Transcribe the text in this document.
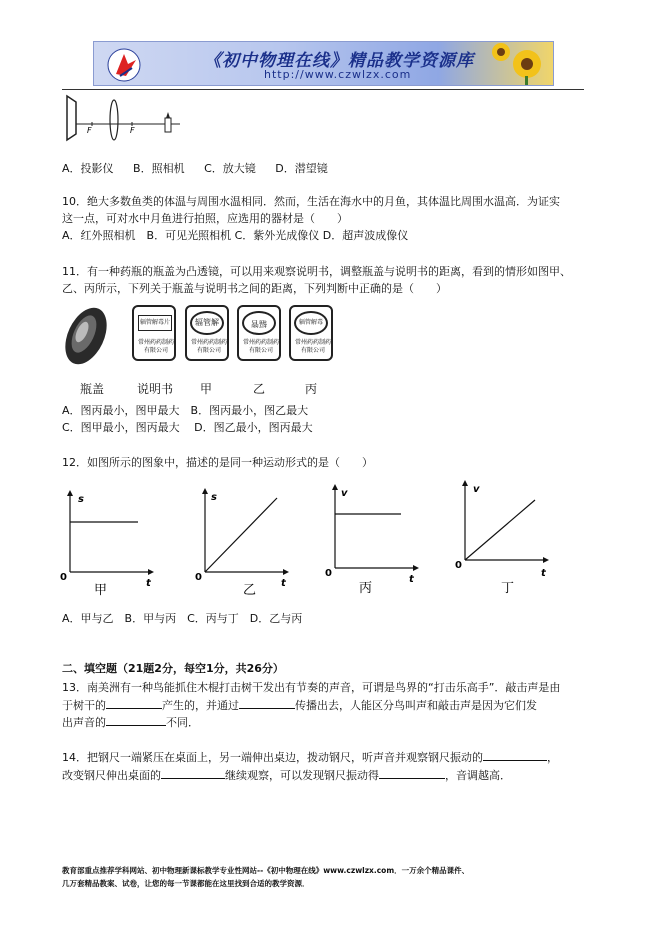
《初中物理在线》精品教学资源库
http://www.czwlzx.com
F	F
A．投影仪 B．照相机 C．放大镜 D．潜望镜
10．绝大多数鱼类的体温与周围水温相同．然而，生活在海水中的月鱼，其体温比周围水温高．为证实
这一点，可对水中月鱼进行拍照，应选用的器材是（　　）
A．红外照相机　B．可见光照相机 C．紫外光成像仪 D．超声波成像仪
11．有一种药瓶的瓶盖为凸透镜，可以用来观察说明书，调整瓶盖与说明书的距离，看到的情形如图甲、
乙、丙所示，下列关于瓶盖与说明书之间的距离，下列判断中正确的是（　　）
辐管解毒片
常州药药制药有限公司
辐管解
常州药药制药有限公司
辐管
常州药药制药有限公司
辐管解毒
常州药药制药有限公司
瓶盖	说明书 甲	乙	丙
A．图丙最小，图甲最大　B．图丙最小，图乙最大
C．图甲最小，图丙最大　 D．图乙最小，图丙最大
12．如图所示的图象中，描述的是同一种运动形式的是（　　）
s
0
t
甲
s
0
t
乙
v
0
t
丙
v
0
t
丁
A．甲与乙　B．甲与丙　C．丙与丁　D．乙与丙
二、填空题（21题2分，每空1分，共26分）
13．南美洲有一种鸟能抓住木棍打击树干发出有节奏的声音，可谓是鸟界的“打击乐高手”．敲击声是由
于树干的	产生的，并通过	传播出去，人能区分鸟叫声和敲击声是因为它们发
出声音的	不同．
14．把钢尺一端紧压在桌面上，另一端伸出桌边，拨动钢尺，听声音并观察钢尺振动的	，
改变钢尺伸出桌面的	继续观察，可以发现钢尺振动得	，音调越高．
教育部重点推荐学科网站、初中物理新课标教学专业性网站--《初中物理在线》www.czwlzx.com．一万余个精品课件、
几万套精品教案、试卷，让您的每一节课都能在这里找到合适的教学资源．
